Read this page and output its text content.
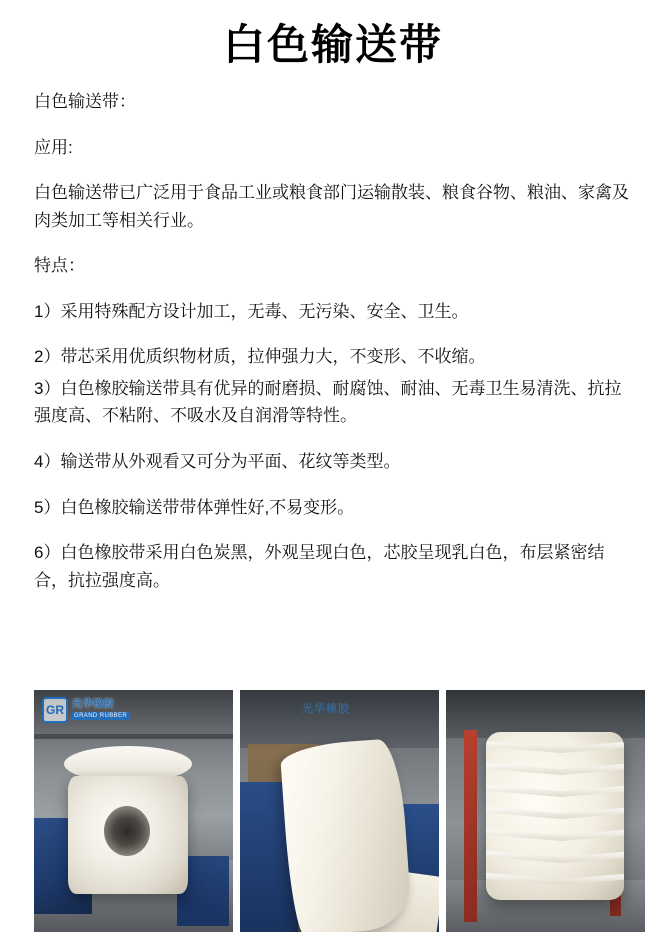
白色输送带

白色输送带：

应用:

白色输送带已广泛用于食品工业或粮食部门运输散装、粮食谷物、粮油、家禽及肉类加工等相关行业。

特点：

1）采用特殊配方设计加工，无毒、无污染、安全、卫生。

2）带芯采用优质织物材质，拉伸强力大，不变形、不收缩。

3）白色橡胶输送带具有优异的耐磨损、耐腐蚀、耐油、无毒卫生易清洗、抗拉强度高、不粘附、不吸水及自润滑等特性。

4）输送带从外观看又可分为平面、花纹等类型。

5）白色橡胶输送带带体弹性好,不易变形。

6）白色橡胶带采用白色炭黑，外观呈现白色，芯胶呈现乳白色，布层紧密结合，抗拉强度高。

GR 光华橡胶
GRAND RUBBER
光华橡胶
